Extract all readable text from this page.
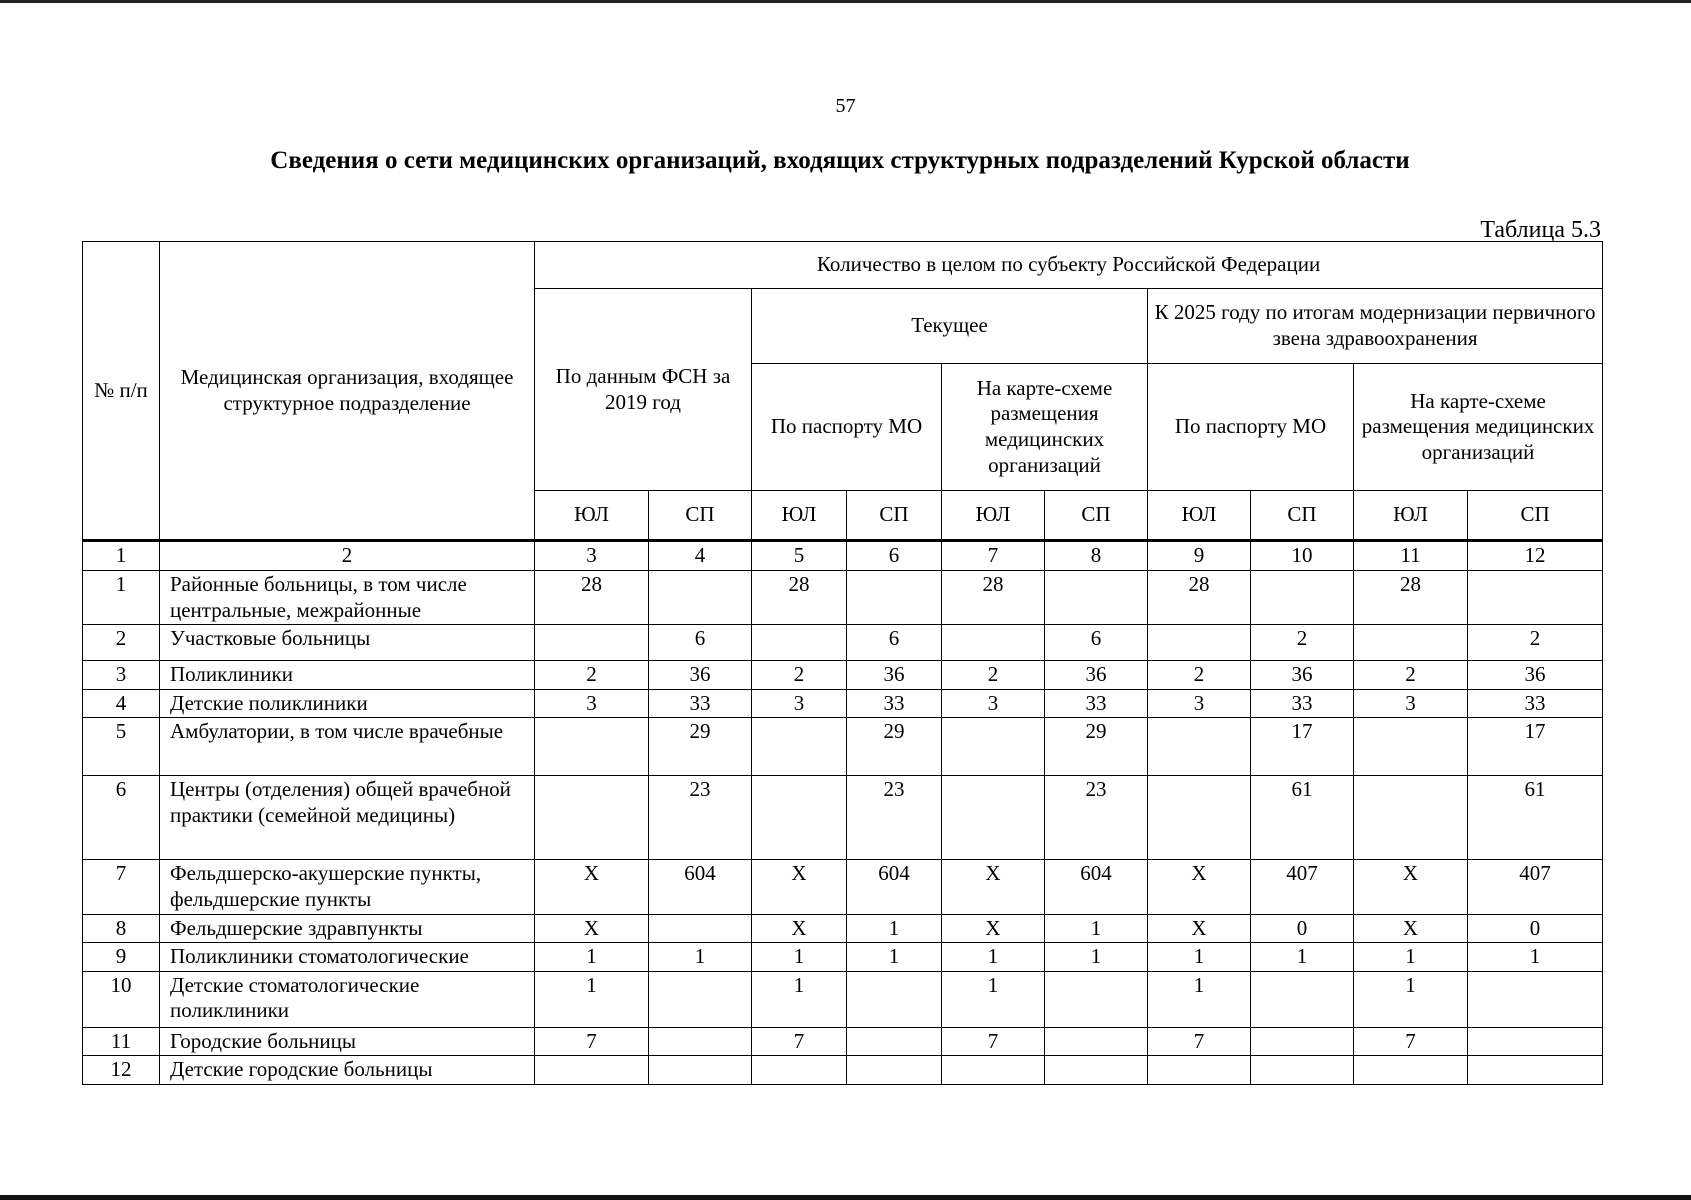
57
Сведения о сети медицинских организаций, входящих структурных подразделений Курской области
Таблица 5.3
№ п/п	Медицинская организация, входящее структурное подразделение	Количество в целом по субъекту Российской Федерации									
		По данным ФСН за 2019 год		Текущее				К 2025 году по итогам модернизации первичного звена здравоохранения			
				По паспорту МО		На карте-схеме размещения медицинских организаций		По паспорту МО		На карте-схеме размещения медицинских организаций	
		ЮЛ	СП	ЮЛ	СП	ЮЛ	СП	ЮЛ	СП	ЮЛ	СП
1	2	3	4	5	6	7	8	9	10	11	12
1	Районные больницы, в том числе центральные, межрайонные	28		28		28		28		28	
2	Участковые больницы		6		6		6		2		2
3	Поликлиники	2	36	2	36	2	36	2	36	2	36
4	Детские поликлиники	3	33	3	33	3	33	3	33	3	33
5	Амбулатории, в том числе врачебные		29		29		29		17		17
6	Центры (отделения) общей врачебной практики (семейной медицины)		23		23		23		61		61
7	Фельдшерско-акушерские пункты, фельдшерские пункты	Х	604	Х	604	Х	604	Х	407	Х	407
8	Фельдшерские здравпункты	Х		Х	1	Х	1	Х	0	Х	0
9	Поликлиники стоматологические	1	1	1	1	1	1	1	1	1	1
10	Детские стоматологические поликлиники	1		1		1		1		1	
11	Городские больницы	7		7		7		7		7	
12	Детские городские больницы										
